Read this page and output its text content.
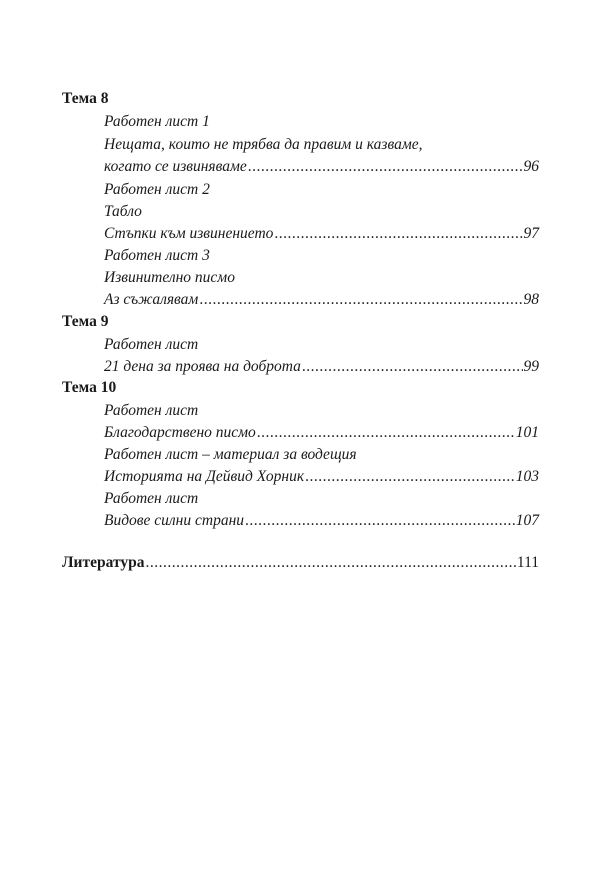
Тема 8
Работен лист 1
Нещата, които не трябва да правим и казваме,
когато се извиняваме .....	96
Работен лист 2
Табло
Стъпки към извинението .....	97
Работен лист 3
Извинително писмо
Аз съжалявам .....	98
Тема 9
Работен лист
21 дена за проява на доброта .....	99
Тема 10
Работен лист
Благодарствено писмо .....	101
Работен лист – материал за водещия
Историята на Дейвид Хорник .....	103
Работен лист
Видове силни страни .....	107
Литература .....	111
